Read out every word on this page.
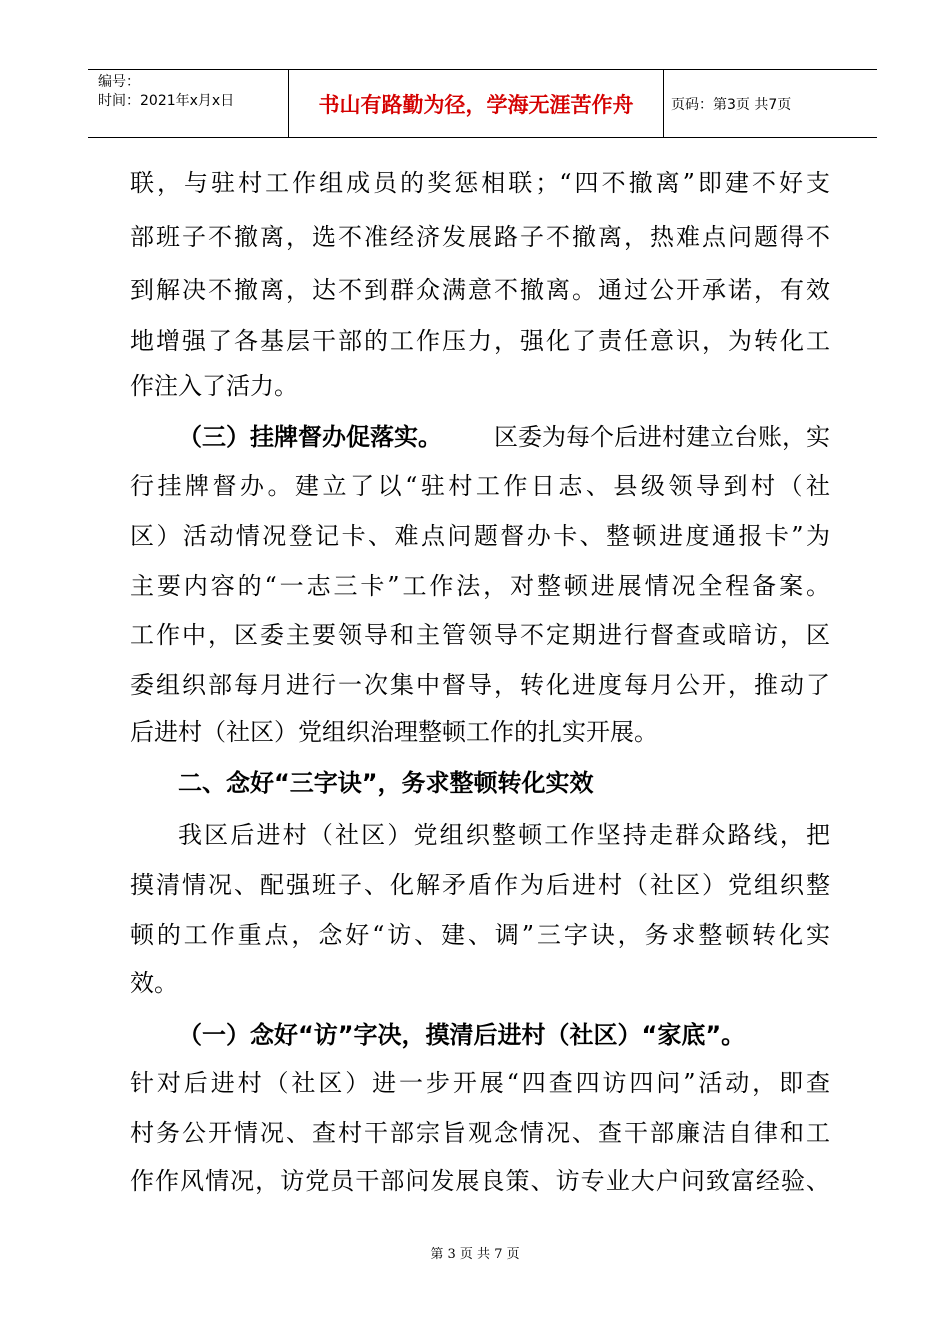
编号：
时间：2021年x月x日	书山有路勤为径，学海无涯苦作舟	页码：第3页 共7页
联，与驻村工作组成员的奖惩相联；“四不撤离”即建不好支
部班子不撤离，选不准经济发展路子不撤离，热难点问题得不
到解决不撤离，达不到群众满意不撤离。通过公开承诺，有效
地增强了各基层干部的工作压力，强化了责任意识，为转化工
作注入了活力。
（三）挂牌督办促落实。 区委为每个后进村建立台账，实
行挂牌督办。建立了以“驻村工作日志、县级领导到村（社
区）活动情况登记卡、难点问题督办卡、整顿进度通报卡”为
主要内容的“一志三卡”工作法，对整顿进展情况全程备案。
工作中，区委主要领导和主管领导不定期进行督查或暗访，区
委组织部每月进行一次集中督导，转化进度每月公开，推动了
后进村（社区）党组织治理整顿工作的扎实开展。
二、念好“三字诀”，务求整顿转化实效
我区后进村（社区）党组织整顿工作坚持走群众路线，把
摸清情况、配强班子、化解矛盾作为后进村（社区）党组织整
顿的工作重点，念好“访、建、调”三字诀，务求整顿转化实
效。
（一）念好“访”字决，摸清后进村（社区）“家底”。
针对后进村（社区）进一步开展“四查四访四问”活动，即查
村务公开情况、查村干部宗旨观念情况、查干部廉洁自律和工
作作风情况，访党员干部问发展良策、访专业大户问致富经验、
第 3 页 共 7 页
